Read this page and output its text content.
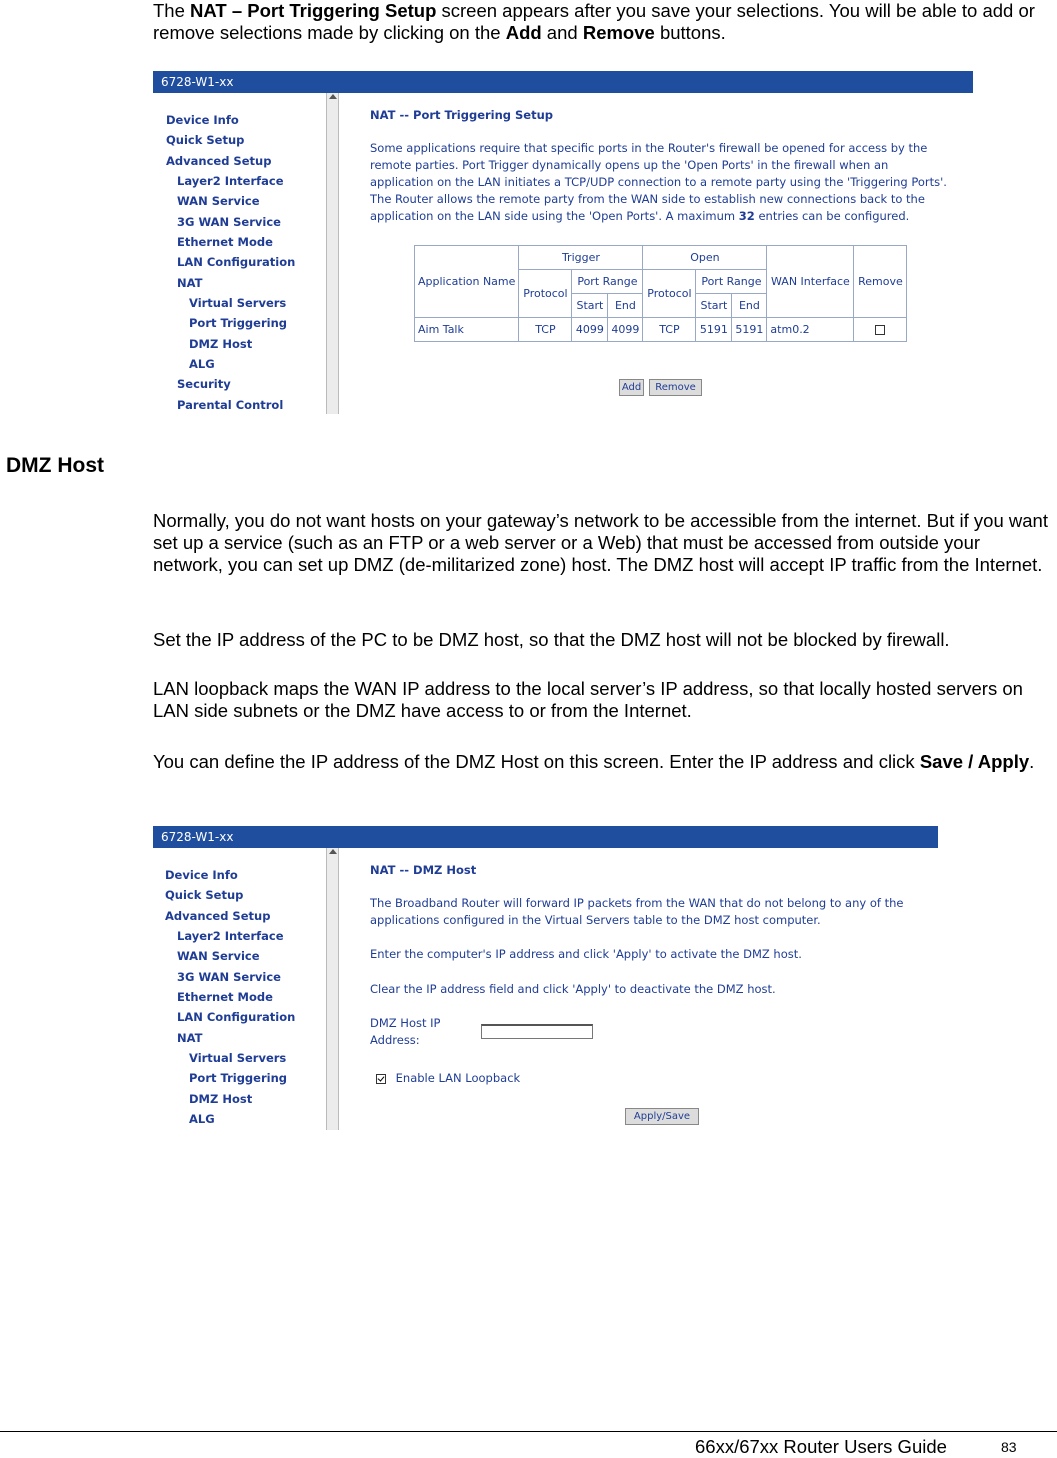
The NAT – Port Triggering Setup screen appears after you save your selections. You will be able to add or remove selections made by clicking on the Add and Remove buttons.

6728-W1-xx
Device Info
Quick Setup
Advanced Setup
Layer2 Interface
WAN Service
3G WAN Service
Ethernet Mode
LAN Configuration
NAT
Virtual Servers
Port Triggering
DMZ Host
ALG
Security
Parental Control
NAT -- Port Triggering Setup

Some applications require that specific ports in the Router's firewall be opened for access by the remote parties. Port Trigger dynamically opens up the 'Open Ports' in the firewall when an application on the LAN initiates a TCP/UDP connection to a remote party using the 'Triggering Ports'. The Router allows the remote party from the WAN side to establish new connections back to the application on the LAN side using the 'Open Ports'. A maximum 32 entries can be configured.

Application Name	Trigger			Open			WAN Interface	Remove
	Protocol	Port Range		Protocol	Port Range			
		Start	End		Start	End		
Aim Talk	TCP	4099	4099	TCP	5191	5191	atm0.2	
Add	Remove
DMZ Host

Normally, you do not want hosts on your gateway’s network to be accessible from the internet. But if you want set up a service (such as an FTP or a web server or a Web) that must be accessed from outside your network, you can set up DMZ (de-militarized zone) host. The DMZ host will accept IP traffic from the Internet.

Set the IP address of the PC to be DMZ host, so that the DMZ host will not be blocked by firewall.

LAN loopback maps the WAN IP address to the local server’s IP address, so that locally hosted servers on LAN side subnets or the DMZ have access to or from the Internet.

You can define the IP address of the DMZ Host on this screen. Enter the IP address and click Save / Apply.

6728-W1-xx
Device Info
Quick Setup
Advanced Setup
Layer2 Interface
WAN Service
3G WAN Service
Ethernet Mode
LAN Configuration
NAT
Virtual Servers
Port Triggering
DMZ Host
ALG
NAT -- DMZ Host

The Broadband Router will forward IP packets from the WAN that do not belong to any of the applications configured in the Virtual Servers table to the DMZ host computer.

Enter the computer's IP address and click 'Apply' to activate the DMZ host.

Clear the IP address field and click 'Apply' to deactivate the DMZ host.

DMZ Host IP
Address:

Enable LAN Loopback
Apply/Save
66xx/67xx Router Users Guide	83
